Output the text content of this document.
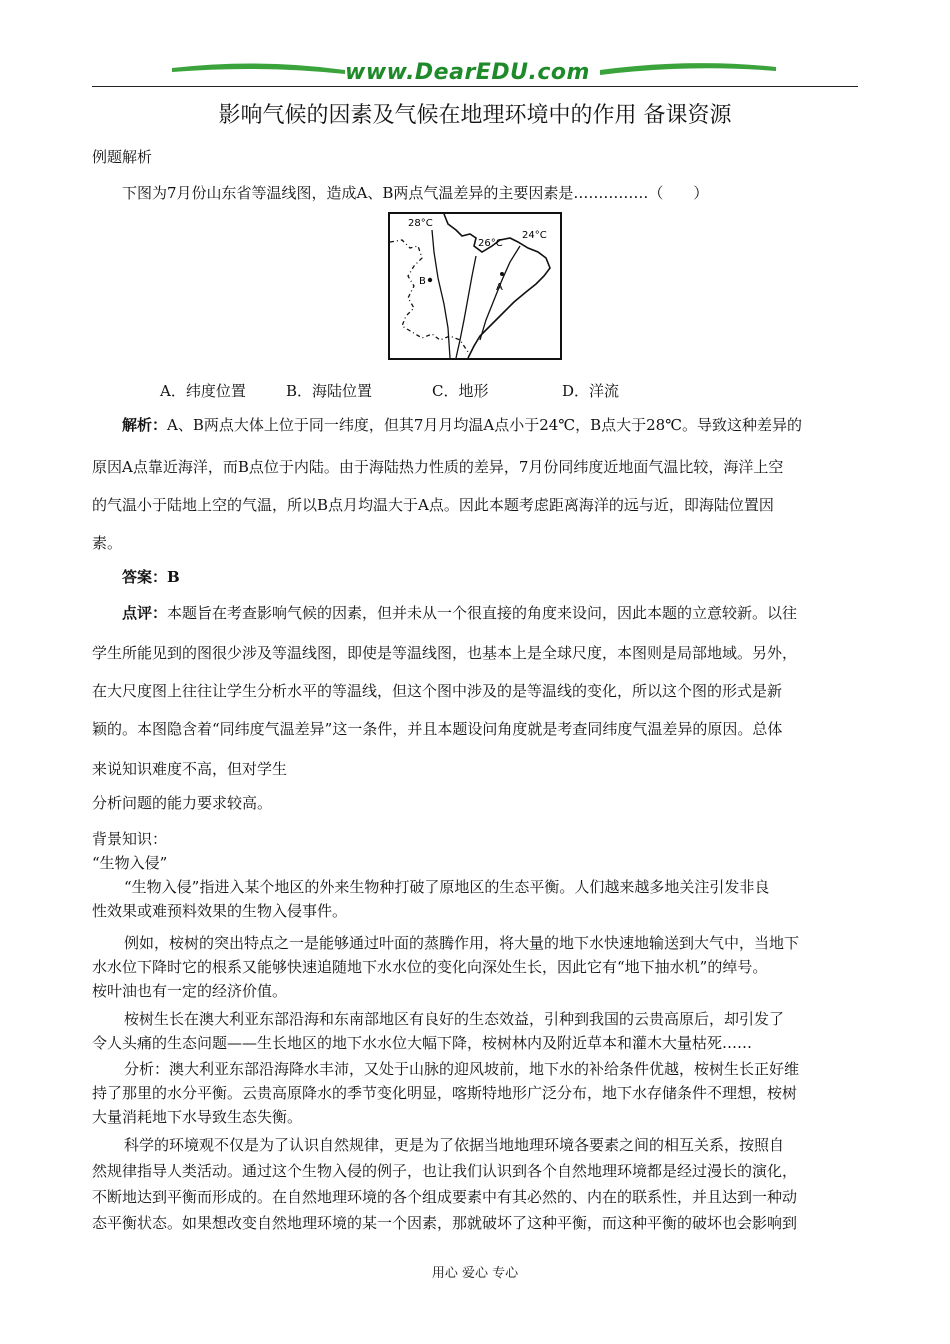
www.DearEDU.com
影响气候的因素及气候在地理环境中的作用 备课资源
例题解析
下图为7月份山东省等温线图，造成A、B两点气温差异的主要因素是……………（　　）
28°C
26°C
24°C
B
A
A．纬度位置	B．海陆位置	C．地形	D．洋流
解析：A、B两点大体上位于同一纬度，但其7月月均温A点小于24℃，B点大于28℃。导致这种差异的
原因A点靠近海洋，而B点位于内陆。由于海陆热力性质的差异，7月份同纬度近地面气温比较，海洋上空
的气温小于陆地上空的气温，所以B点月均温大于A点。因此本题考虑距离海洋的远与近，即海陆位置因
素。
答案：B
点评：本题旨在考查影响气候的因素，但并未从一个很直接的角度来设问，因此本题的立意较新。以往
学生所能见到的图很少涉及等温线图，即使是等温线图，也基本上是全球尺度，本图则是局部地域。另外，
在大尺度图上往往让学生分析水平的等温线，但这个图中涉及的是等温线的变化，所以这个图的形式是新
颖的。本图隐含着“同纬度气温差异”这一条件，并且本题设问角度就是考查同纬度气温差异的原因。总体
来说知识难度不高，但对学生
分析问题的能力要求较高。
背景知识：
“生物入侵”
“生物入侵”指进入某个地区的外来生物种打破了原地区的生态平衡。人们越来越多地关注引发非良
性效果或难预料效果的生物入侵事件。
例如，桉树的突出特点之一是能够通过叶面的蒸腾作用，将大量的地下水快速地输送到大气中，当地下
水水位下降时它的根系又能够快速追随地下水水位的变化向深处生长，因此它有“地下抽水机”的绰号。
桉叶油也有一定的经济价值。
桉树生长在澳大利亚东部沿海和东南部地区有良好的生态效益，引种到我国的云贵高原后，却引发了
令人头痛的生态问题——生长地区的地下水水位大幅下降，桉树林内及附近草本和灌木大量枯死……
分析：澳大利亚东部沿海降水丰沛，又处于山脉的迎风坡前，地下水的补给条件优越，桉树生长正好维
持了那里的水分平衡。云贵高原降水的季节变化明显，喀斯特地形广泛分布，地下水存储条件不理想，桉树
大量消耗地下水导致生态失衡。
科学的环境观不仅是为了认识自然规律，更是为了依据当地地理环境各要素之间的相互关系，按照自
然规律指导人类活动。通过这个生物入侵的例子，也让我们认识到各个自然地理环境都是经过漫长的演化，
不断地达到平衡而形成的。在自然地理环境的各个组成要素中有其必然的、内在的联系性，并且达到一种动
态平衡状态。如果想改变自然地理环境的某一个因素，那就破坏了这种平衡，而这种平衡的破坏也会影响到
用心 爱心 专心
